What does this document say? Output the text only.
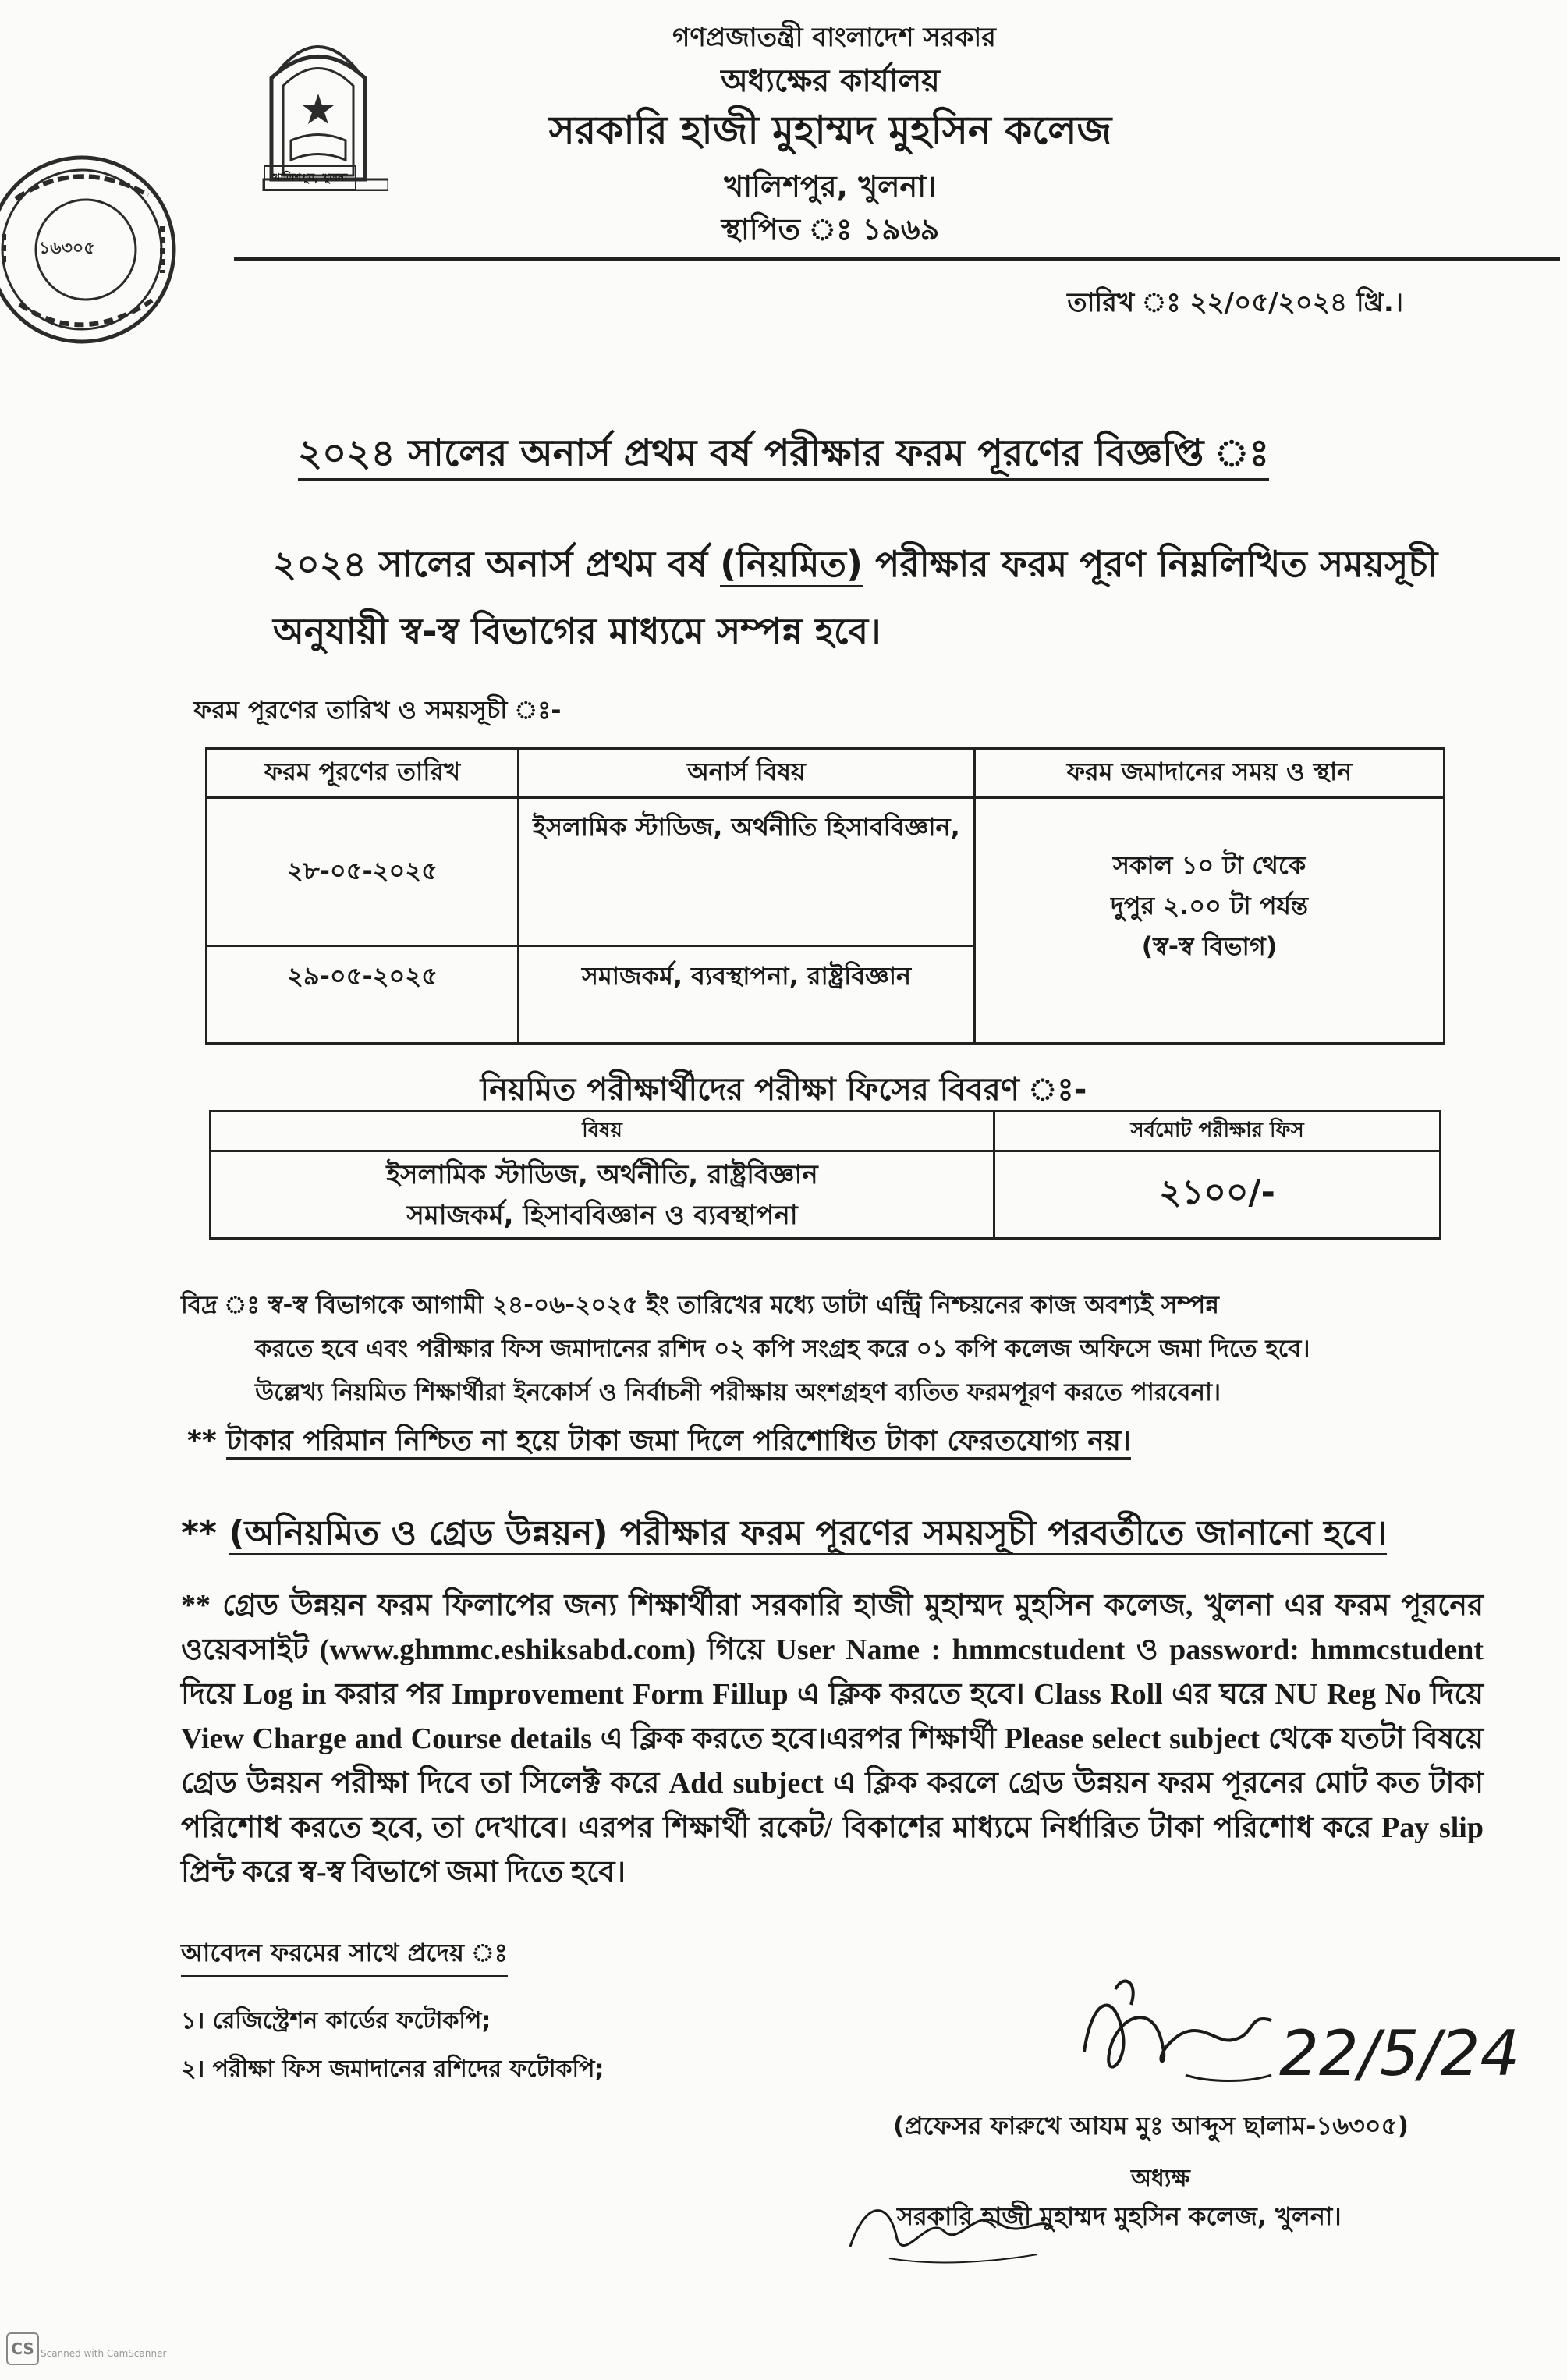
১৬৩০৫
খালিশপুর, খুলনা
গণপ্রজাতন্ত্রী বাংলাদেশ সরকার
অধ্যক্ষের কার্যালয়
সরকারি হাজী মুহাম্মদ মুহসিন কলেজ
খালিশপুর, খুলনা।
স্থাপিত ঃ ১৯৬৯
তারিখ ঃ ২২/০৫/২০২৪ খ্রি.।
২০২৪ সালের অনার্স প্রথম বর্ষ পরীক্ষার ফরম পূরণের বিজ্ঞপ্তি ঃ
২০২৪ সালের অনার্স প্রথম বর্ষ (নিয়মিত) পরীক্ষার ফরম পূরণ নিম্নলিখিত সময়সূচী অনুযায়ী স্ব-স্ব বিভাগের মাধ্যমে সম্পন্ন হবে।
ফরম পূরণের তারিখ ও সময়সূচী ঃ-
ফরম পূরণের তারিখ	অনার্স বিষয়	ফরম জমাদানের সময় ও স্থান
২৮-০৫-২০২৫	ইসলামিক স্টাডিজ, অর্থনীতি হিসাববিজ্ঞান,	সকাল ১০ টা থেকে
দুপুর ২.০০ টা পর্যন্ত
(স্ব-স্ব বিভাগ)

২৯-০৫-২০২৫	সমাজকর্ম, ব্যবস্থাপনা, রাষ্ট্রবিজ্ঞান	
নিয়মিত পরীক্ষার্থীদের পরীক্ষা ফিসের বিবরণ ঃ-
বিষয়	সর্বমোট পরীক্ষার ফিস

ইসলামিক স্টাডিজ, অর্থনীতি, রাষ্ট্রবিজ্ঞান
সমাজকর্ম, হিসাববিজ্ঞান ও ব্যবস্থাপনা	২১০০/-
বিদ্র ঃ স্ব-স্ব বিভাগকে আগামী ২৪-০৬-২০২৫ ইং তারিখের মধ্যে ডাটা এন্ট্রি নিশ্চয়নের কাজ অবশ্যই সম্পন্ন
করতে হবে এবং পরীক্ষার ফিস জমাদানের রশিদ ০২ কপি সংগ্রহ করে ০১ কপি কলেজ অফিসে জমা দিতে হবে।
উল্লেখ্য নিয়মিত শিক্ষার্থীরা ইনকোর্স ও নির্বাচনী পরীক্ষায় অংশগ্রহণ ব্যতিত ফরমপূরণ করতে পারবেনা।
** টাকার পরিমান নিশ্চিত না হয়ে টাকা জমা দিলে পরিশোধিত টাকা ফেরতযোগ্য নয়।
** (অনিয়মিত ও গ্রেড উন্নয়ন) পরীক্ষার ফরম পূরণের সময়সূচী পরবর্তীতে জানানো হবে।
** গ্রেড উন্নয়ন ফরম ফিলাপের জন্য শিক্ষার্থীরা সরকারি হাজী মুহাম্মদ মুহসিন কলেজ, খুলনা এর ফরম পূরনের ওয়েবসাইট (www.ghmmc.eshiksabd.com) গিয়ে User Name : hmmcstudent ও password: hmmcstudent দিয়ে Log in করার পর Improvement Form Fillup এ ক্লিক করতে হবে। Class Roll এর ঘরে NU Reg No দিয়ে View Charge and Course details এ ক্লিক করতে হবে।এরপর শিক্ষার্থী Please select subject থেকে যতটা বিষয়ে গ্রেড উন্নয়ন পরীক্ষা দিবে তা সিলেক্ট করে Add subject এ ক্লিক করলে গ্রেড উন্নয়ন ফরম পূরনের মোট কত টাকা পরিশোধ করতে হবে, তা দেখাবে। এরপর শিক্ষার্থী রকেট/ বিকাশের মাধ্যমে নির্ধারিত টাকা পরিশোধ করে Pay slip প্রিন্ট করে স্ব-স্ব বিভাগে জমা দিতে হবে।
আবেদন ফরমের সাথে প্রদেয় ঃ
১। রেজিস্ট্রেশন কার্ডের ফটোকপি;
২। পরীক্ষা ফিস জমাদানের রশিদের ফটোকপি;	22/5/24
(প্রফেসর ফারুখে আযম মুঃ আব্দুস ছালাম-১৬৩০৫)
অধ্যক্ষ
সরকারি হাজী মুহাম্মদ মুহসিন কলেজ, খুলনা।
CS Scanned with CamScanner
